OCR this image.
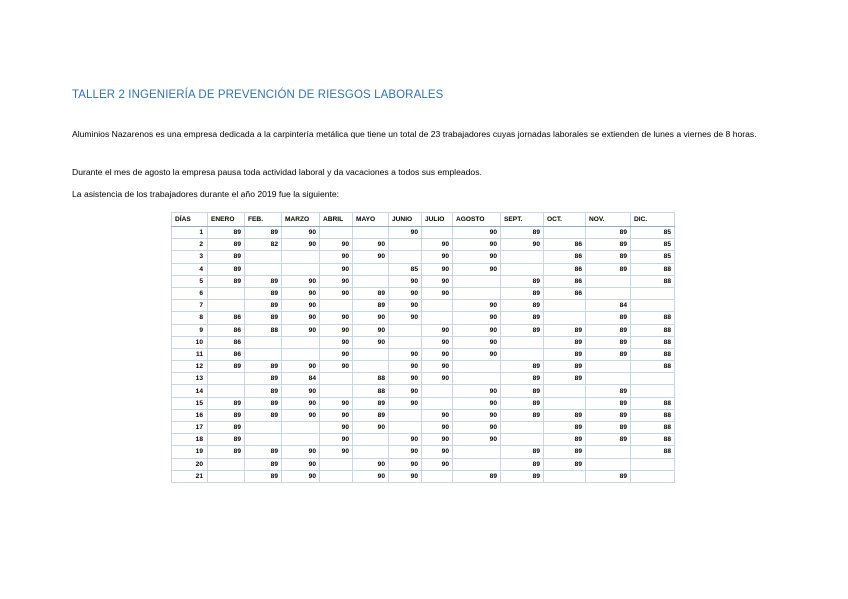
TALLER 2 INGENIERÍA DE PREVENCIÓN DE RIESGOS LABORALES
Aluminios Nazarenos es una empresa dedicada a la carpintería metálica que tiene un total de 23 trabajadores cuyas jornadas laborales se extienden de lunes a viernes de 8 horas.
Durante el mes de agosto la empresa pausa toda actividad laboral y da vacaciones a todos sus empleados.
La asistencia de los trabajadores durante el año 2019 fue la siguiente:
DÍAS	ENERO	FEB.	MARZO	ABRIL	MAYO	JUNIO	JULIO	AGOSTO	SEPT.	OCT.	NOV.	DIC.
1	89	89	90			90		90	89		89	85
2	89	82	90	90	90		90	90	90	86	89	85
3	89			90	90		90	90		86	89	85
4	89			90		85	90	90		86	89	88
5	89	89	90	90		90	90		89	86		88
6		89	90	90	89	90	90		89	86		
7		89	90		89	90		90	89		84	
8	86	89	90	90	90	90		90	89		89	88
9	86	88	90	90	90		90	90	89	89	89	88
10	86			90	90		90	90		89	89	88
11	86			90		90	90	90		89	89	88
12	89	89	90	90		90	90		89	89		88
13		89	84		88	90	90		89	89		
14		89	90		88	90		90	89		89	
15	89	89	90	90	89	90		90	89		89	88
16	89	89	90	90	89		90	90	89	89	89	88
17	89			90	90		90	90		89	89	88
18	89			90		90	90	90		89	89	88
19	89	89	90	90		90	90		89	89		88
20		89	90		90	90	90		89	89		
21		89	90		90	90		89	89		89	
